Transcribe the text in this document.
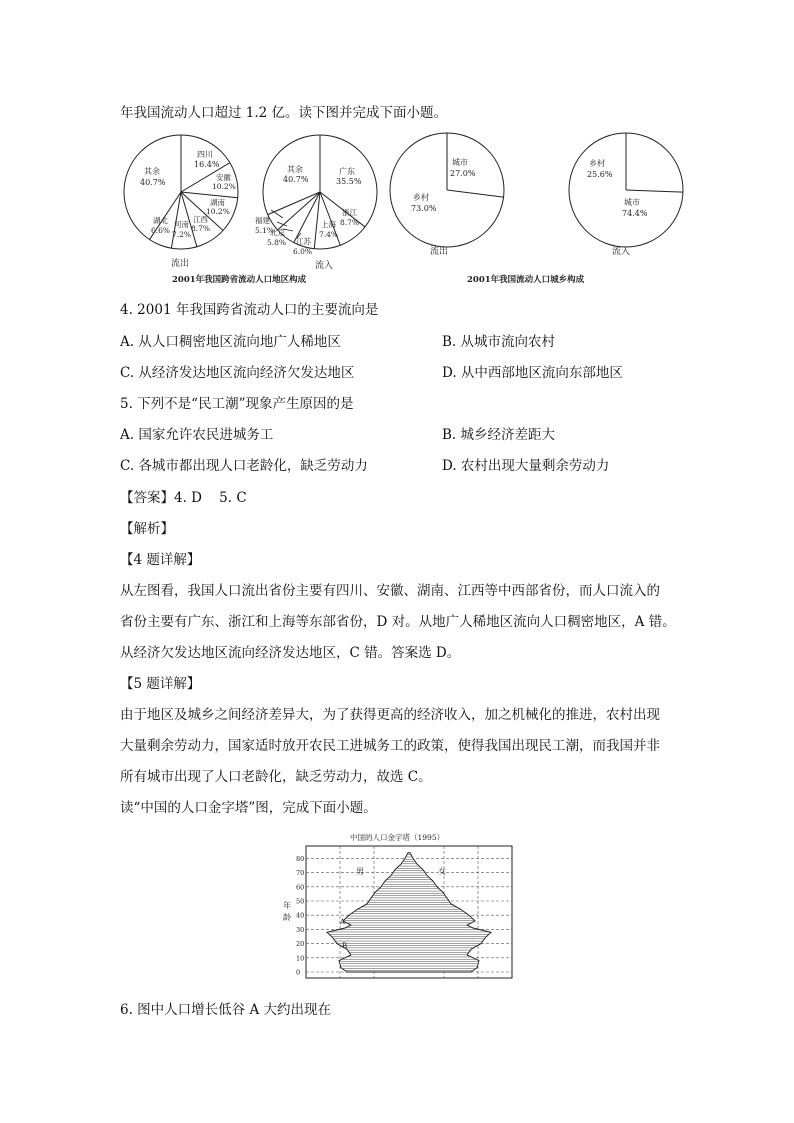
年我国流动人口超过 1.2 亿。读下图并完成下面小题。
四川
16.4%
安徽
10.2%
湖南
10.2%
江西
8.7%
河南
7.2%
湖北
6.6%
其余
40.7%
流出
广东
35.5%
浙江
8.7%
上海
7.4%
江苏
6.0%
北京
5.8%
福建
5.1%
其余
40.7%
流入
城市
27.0%
乡村
73.0%
流出
乡村
25.6%
城市
74.4%
流入
2001年我国跨省流动人口地区构成	2001年我国流动人口城乡构成
4. 2001 年我国跨省流动人口的主要流向是
A. 从人口稠密地区流向地广人稀地区	B. 从城市流向农村
C. 从经济发达地区流向经济欠发达地区	D. 从中西部地区流向东部地区
5. 下列不是“民工潮”现象产生原因的是
A. 国家允许农民进城务工	B. 城乡经济差距大
C. 各城市都出现人口老龄化，缺乏劳动力	D. 农村出现大量剩余劳动力
【答案】4. D    5. C
【解析】
【4 题详解】
从左图看，我国人口流出省份主要有四川、安徽、湖南、江西等中西部省份，而人口流入的
省份主要有广东、浙江和上海等东部省份，D 对。从地广人稀地区流向人口稠密地区，A 错。
从经济欠发达地区流向经济发达地区，C 错。答案选 D。
【5 题详解】
由于地区及城乡之间经济差异大，为了获得更高的经济收入，加之机械化的推进，农村出现
大量剩余劳动力，国家适时放开农民工进城务工的政策，使得我国出现民工潮，而我国并非
所有城市出现了人口老龄化，缺乏劳动力，故选 C。
读“中国的人口金字塔”图，完成下面小题。
中国的人口金字塔（1995）
0
10
20
30
40
50
60
70
80
男	女
年
龄	A
B
6. 图中人口增长低谷 A 大约出现在
